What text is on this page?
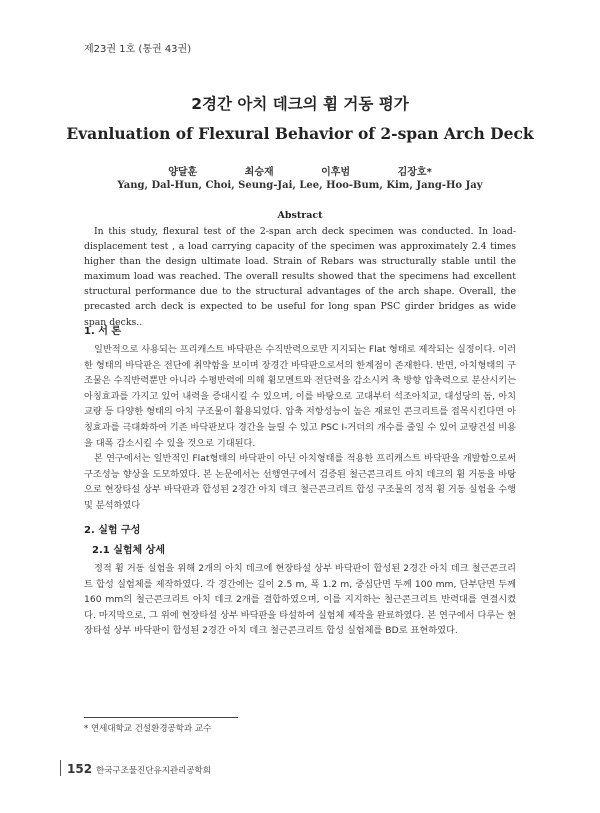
제23권 1호 (통권 43권)
2경간 아치 데크의 휨 거동 평가
Evanluation of Flexural Behavior of 2-span Arch Deck
양달훈 최승재 이후범 김장호*
Yang, Dal-Hun, Choi, Seung-Jai, Lee, Hoo-Bum, Kim, Jang-Ho Jay
Abstract

In this study, flexural test of the 2-span arch deck specimen was conducted. In load-displacement test , a load carrying capacity of the specimen was approximately 2.4 times higher than the design ultimate load. Strain of Rebars was structurally stable until the maximum load was reached. The overall results showed that the specimens had excellent structural performance due to the structural advantages of the arch shape. Overall, the precasted arch deck is expected to be useful for long span PSC girder bridges as wide span decks..

1. 서 론

일반적으로 사용되는 프리캐스트 바닥판은 수직반력으로만 지지되는 Flat 형태로 제작되는 실정이다. 이러한 형태의 바닥판은 전단에 취약함을 보이며 장경간 바닥판으로서의 한계점이 존재한다. 반면, 아치형태의 구조물은 수직반력뿐만 아니라 수평반력에 의해 휨모멘트와 전단력을 감소시켜 축 방향 압축력으로 분산시키는 아칭효과를 가지고 있어 내력을 증대시킬 수 있으며, 이를 바탕으로 고대부터 석조아치교, 대성당의 돔, 아치교량 등 다양한 형태의 아치 구조물이 활용되었다. 압축 저항성능이 높은 재료인 콘크리트를 접목시킨다면 아칭효과를 극대화하여 기존 바닥판보다 경간을 늘릴 수 있고 PSC I-거더의 개수를 줄일 수 있어 교량건설 비용을 대폭 감소시킬 수 있을 것으로 기대된다.

본 연구에서는 일반적인 Flat형태의 바닥판이 아닌 아치형태를 적용한 프리캐스트 바닥판을 개발함으로써 구조성능 향상을 도모하였다. 본 논문에서는 선행연구에서 검증된 철근콘크리트 아치 데크의 휨 거동을 바탕으로 현장타설 상부 바닥판과 합성된 2경간 아치 데크 철근콘크리트 합성 구조물의 정적 휨 거동 실험을 수행 및 분석하였다

2. 실험 구성
2.1 실험체 상세

정적 휨 거동 실험을 위해 2개의 아치 데크에 현장타설 상부 바닥판이 합성된 2경간 아치 데크 철근콘크리트 합성 실험체를 제작하였다. 각 경간에는 길이 2.5 m, 폭 1.2 m, 중심단면 두께 100 mm, 단부단면 두께 160 mm의 철근콘크리트 아치 데크 2개를 결합하였으며, 이를 지지하는 철근콘크리트 반력대를 연결시켰다. 마지막으로, 그 위에 현장타설 상부 바닥판을 타설하여 실험체 제작을 완료하였다. 본 연구에서 다루는 현장타설 상부 바닥판이 합성된 2경간 아치 데크 철근콘크리트 합성 실험체를 BD로 표현하였다.

* 연세대학교 건설환경공학과 교수
152 한국구조물진단유지관리공학회
